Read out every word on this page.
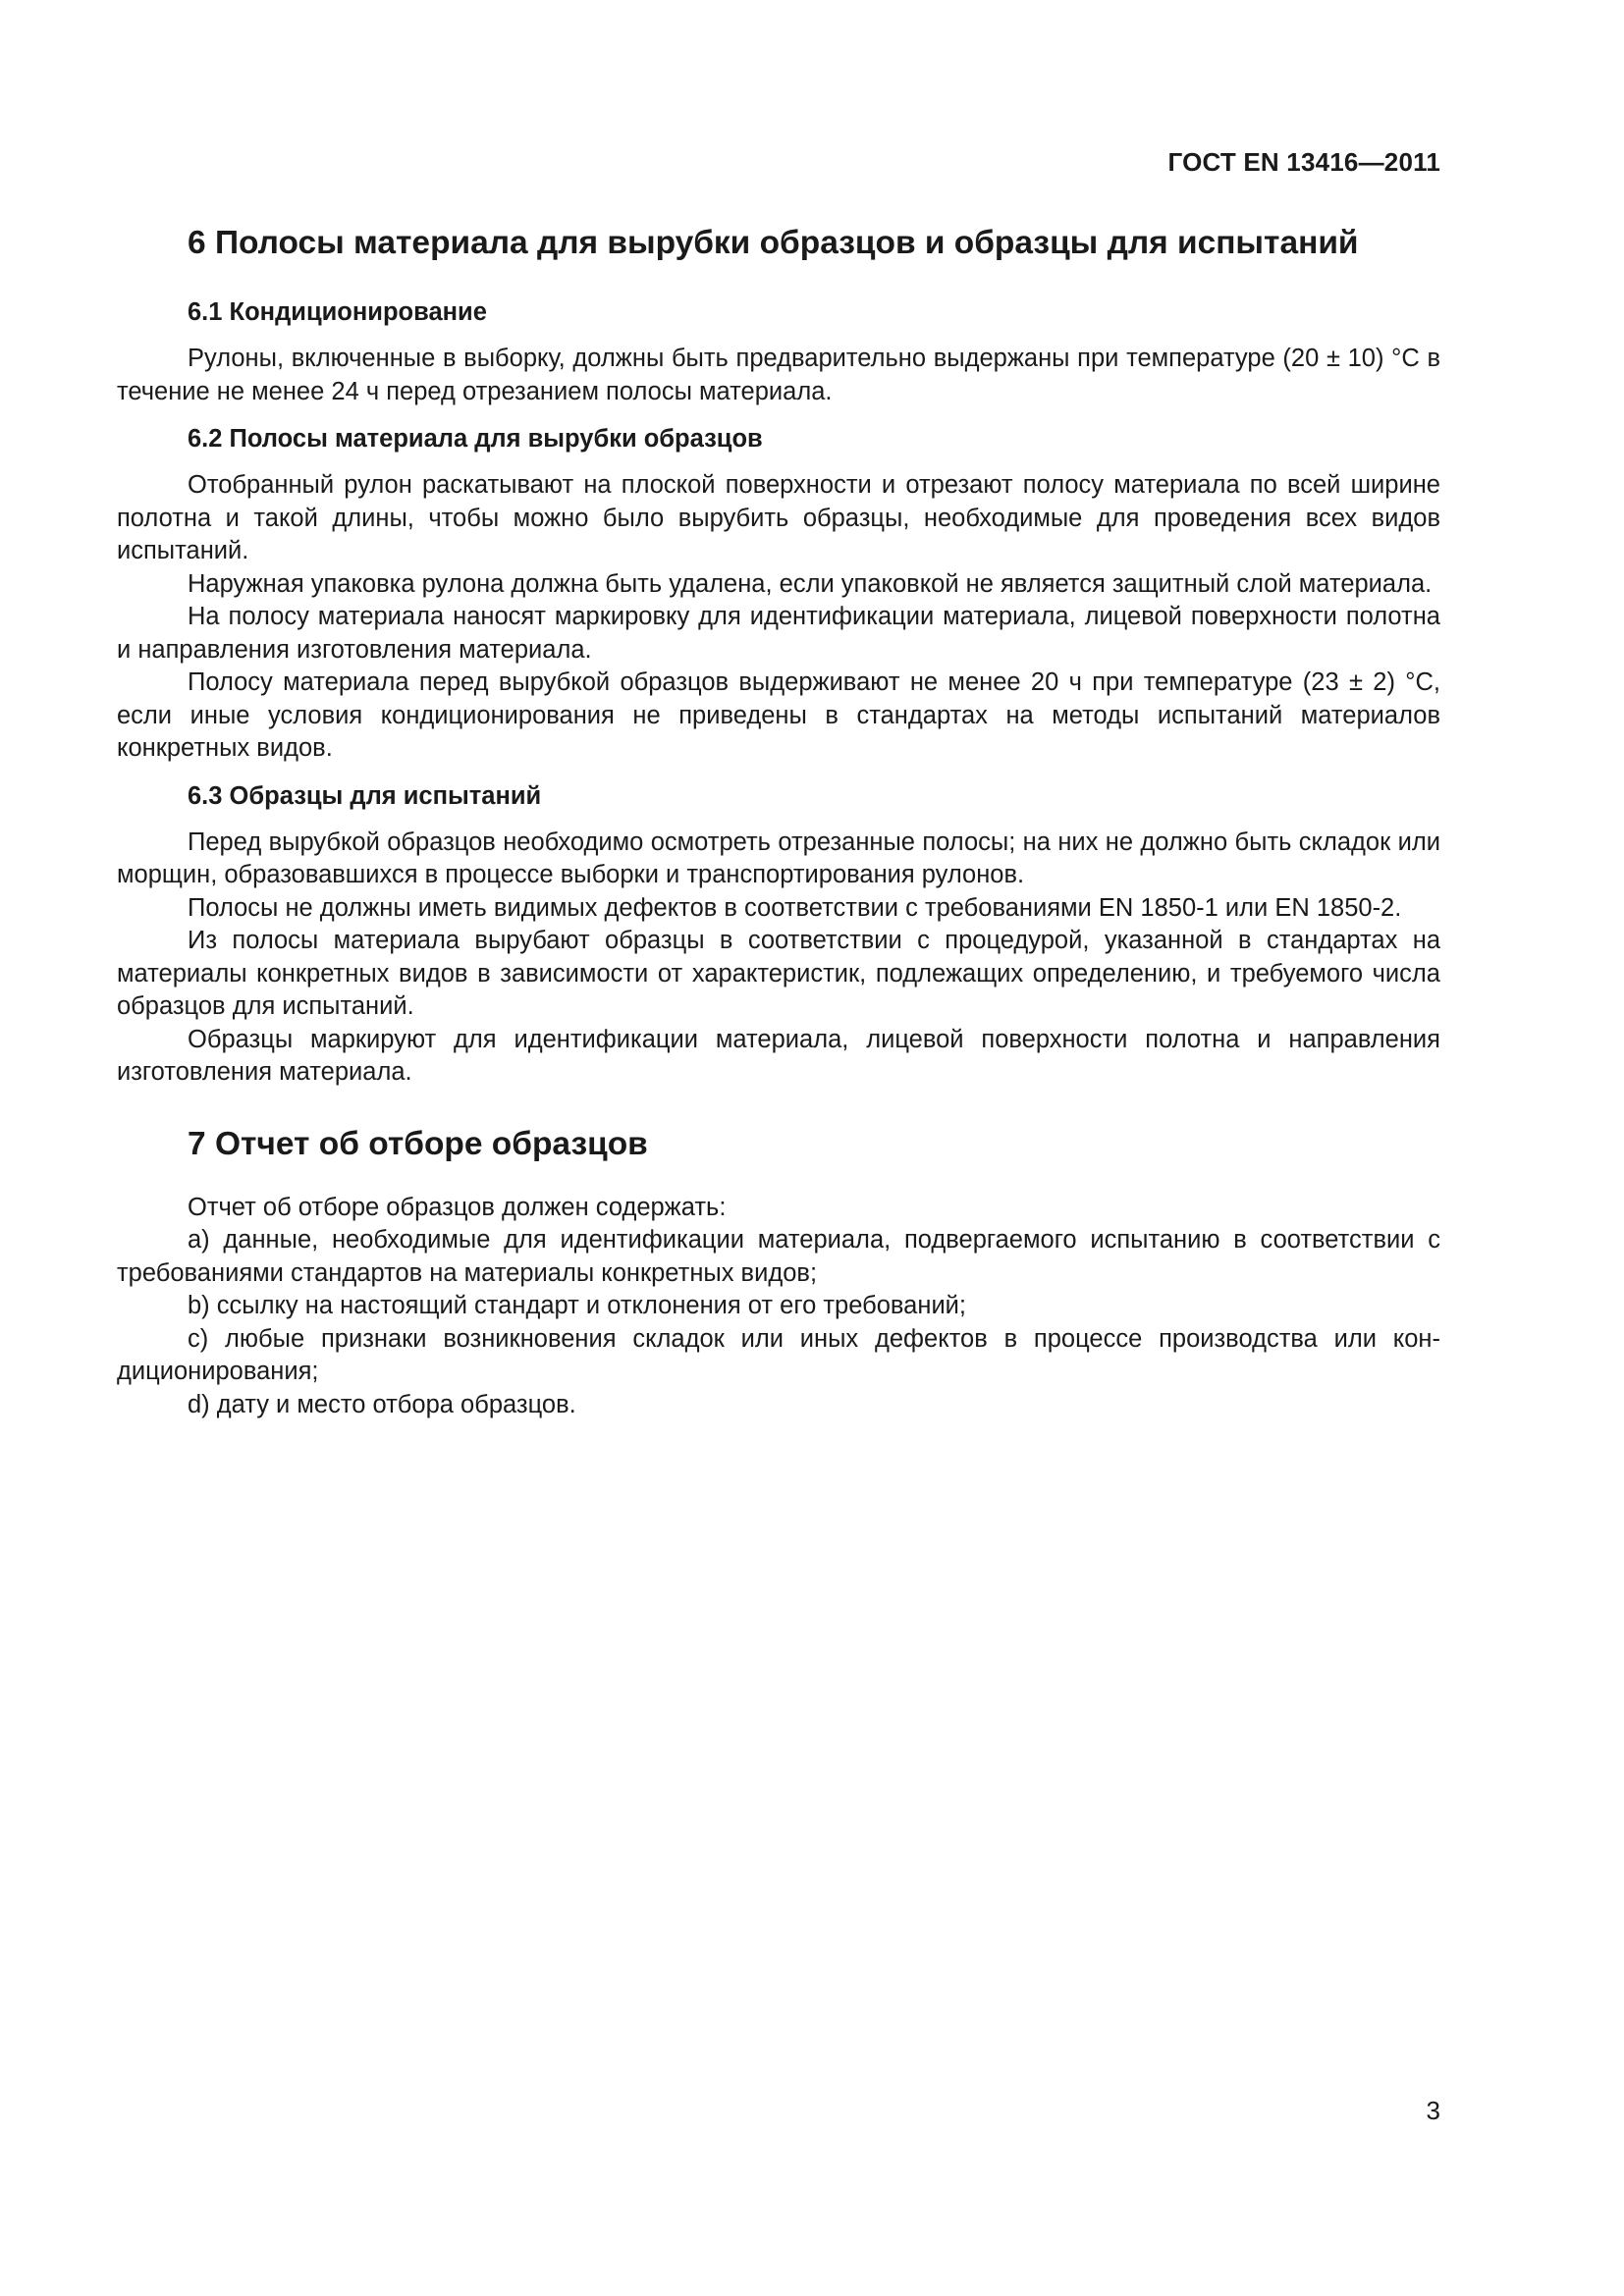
ГОСТ EN 13416—2011
6 Полосы материала для вырубки образцов и образцы для испытаний
6.1 Кондиционирование

Рулоны, включенные в выборку, должны быть предварительно выдержаны при температуре (20 ± 10) °С в течение не менее 24 ч перед отрезанием полосы материала.

6.2 Полосы материала для вырубки образцов

Отобранный рулон раскатывают на плоской поверхности и отрезают полосу материала по всей ширине полотна и такой длины, чтобы можно было вырубить образцы, необходимые для проведения всех видов испытаний.

Наружная упаковка рулона должна быть удалена, если упаковкой не является защитный слой материала.

На полосу материала наносят маркировку для идентификации материала, лицевой поверхности полотна и направления изготовления материала.

Полосу материала перед вырубкой образцов выдерживают не менее 20 ч при температуре (23 ± 2) °С, если иные условия кондиционирования не приведены в стандартах на методы испытаний материалов конкретных видов.

6.3 Образцы для испытаний

Перед вырубкой образцов необходимо осмотреть отрезанные полосы; на них не должно быть складок или морщин, образовавшихся в процессе выборки и транспортирования рулонов.

Полосы не должны иметь видимых дефектов в соответствии с требованиями EN 1850-1 или EN 1850-2.

Из полосы материала вырубают образцы в соответствии с процедурой, указанной в стандартах на материалы конкретных видов в зависимости от характеристик, подлежащих определению, и требуемого числа образцов для испытаний.

Образцы маркируют для идентификации материала, лицевой поверхности полотна и направления изготовления материала.

7 Отчет об отборе образцов

Отчет об отборе образцов должен содержать:

а) данные, необходимые для идентификации материала, подвергаемого испытанию в соответствии с требованиями стандартов на материалы конкретных видов;

b) ссылку на настоящий стандарт и отклонения от его требований;

с) любые признаки возникновения складок или иных дефектов в процессе производства или кондиционирования;

d) дату и место отбора образцов.

3
